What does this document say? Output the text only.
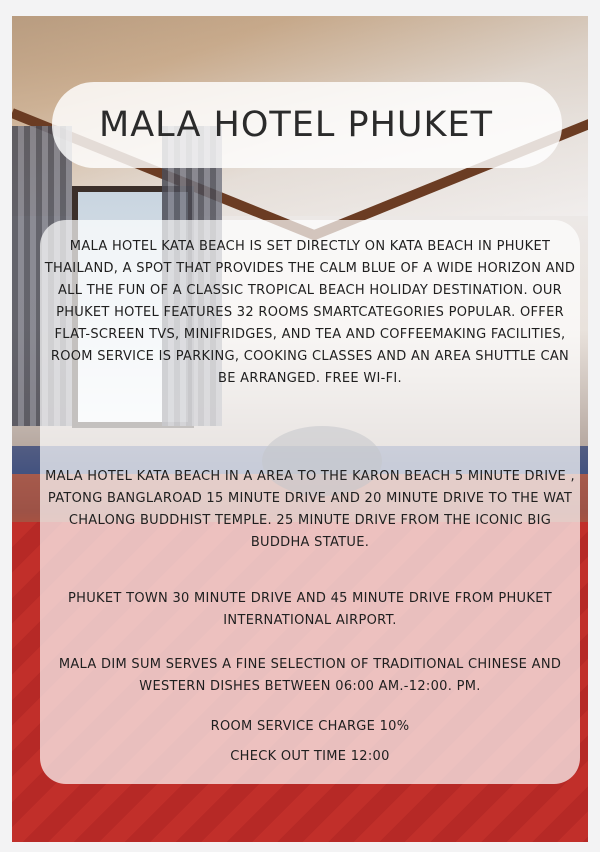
MALA HOTEL PHUKET
MALA HOTEL KATA BEACH IS SET DIRECTLY ON KATA BEACH IN PHUKET THAILAND, A SPOT THAT PROVIDES THE CALM BLUE OF A WIDE HORIZON AND ALL THE FUN OF A CLASSIC TROPICAL BEACH HOLIDAY DESTINATION. OUR PHUKET HOTEL FEATURES 32 ROOMS SMARTCATEGORIES POPULAR. OFFER FLAT-SCREEN TVS, MINIFRIDGES, AND TEA AND COFFEEMAKING FACILITIES, ROOM SERVICE IS PARKING, COOKING CLASSES AND AN AREA SHUTTLE CAN BE ARRANGED. FREE WI-FI.
MALA HOTEL KATA BEACH IN A AREA TO THE KARON BEACH 5 MINUTE DRIVE , PATONG BANGLAROAD 15 MINUTE DRIVE AND 20 MINUTE DRIVE TO THE WAT CHALONG BUDDHIST TEMPLE. 25 MINUTE DRIVE FROM THE ICONIC BIG BUDDHA STATUE.
PHUKET TOWN 30 MINUTE DRIVE AND 45 MINUTE DRIVE FROM PHUKET INTERNATIONAL AIRPORT.
MALA DIM SUM SERVES A FINE SELECTION OF TRADITIONAL CHINESE AND WESTERN DISHES BETWEEN 06:00 AM.-12:00. PM.
ROOM SERVICE CHARGE 10%
CHECK OUT TIME 12:00
